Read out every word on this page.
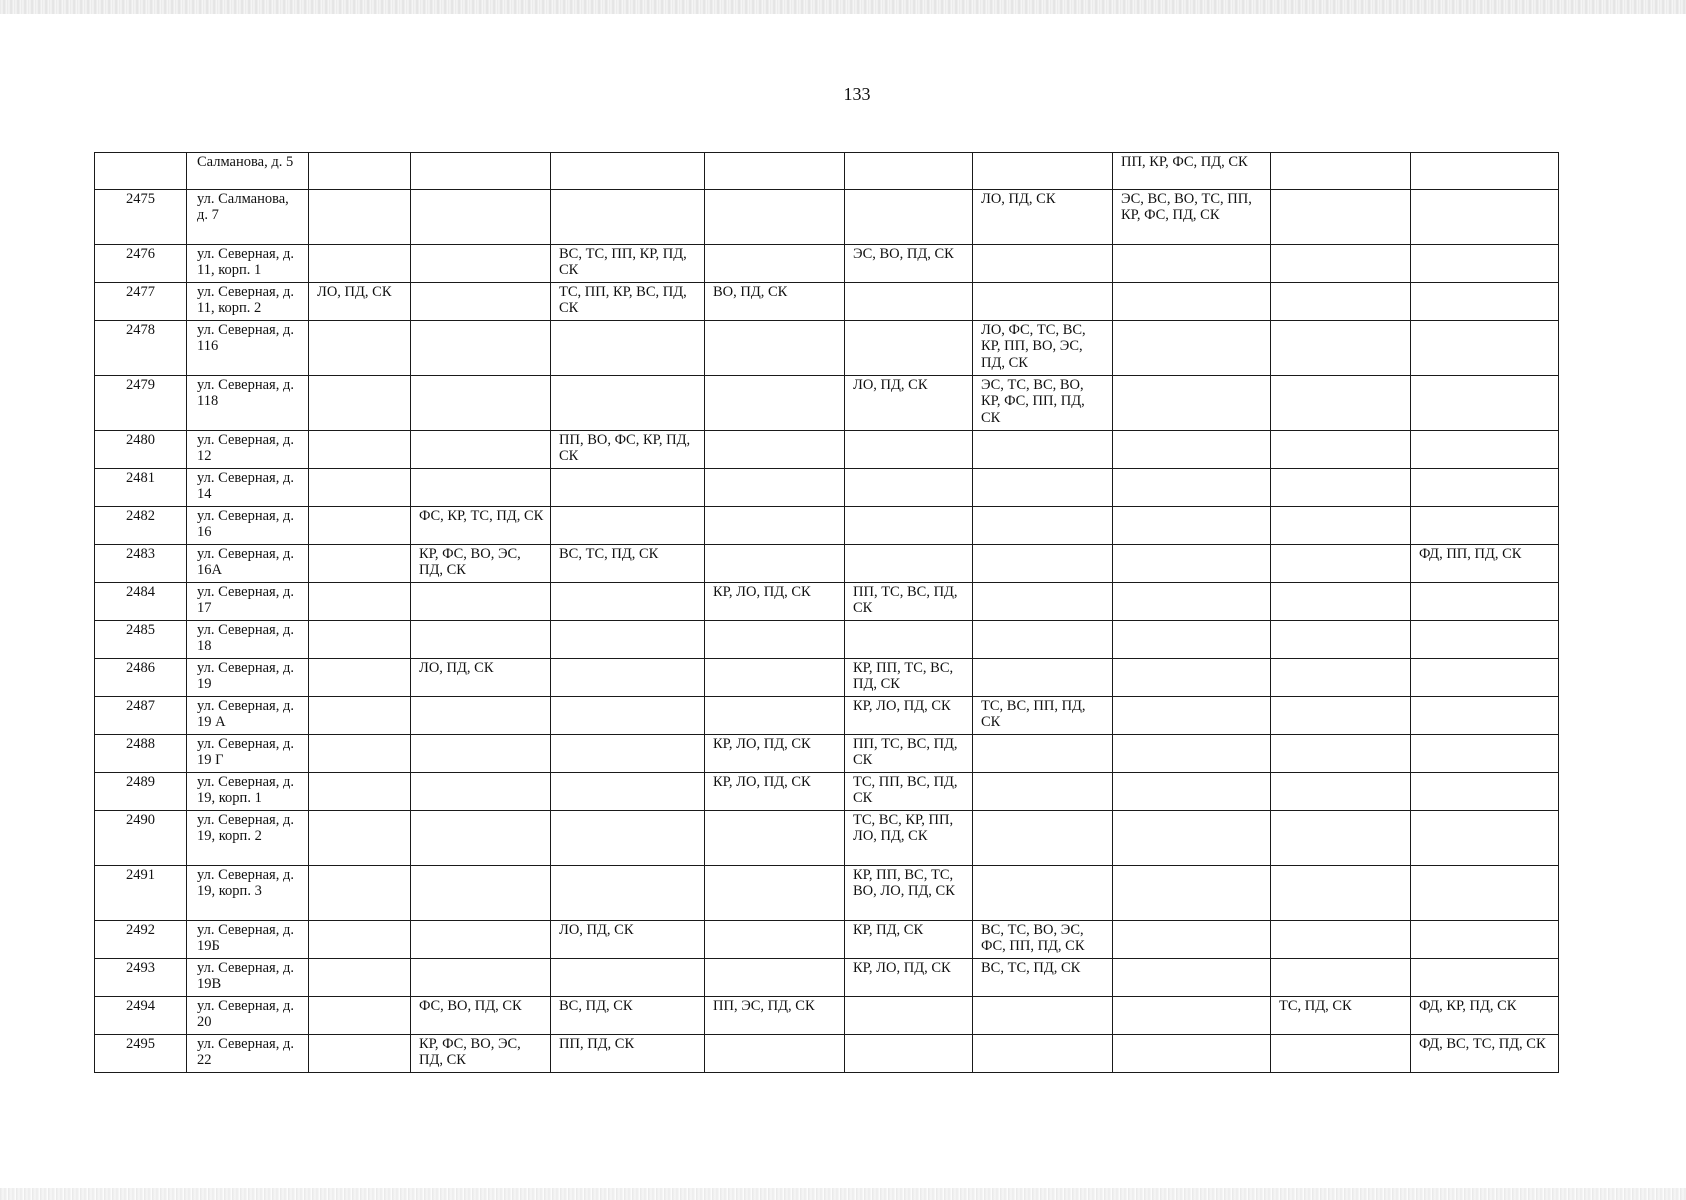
133
	Салманова, д. 5							ПП, КР, ФС, ПД, СК		
2475	ул. Салманова, д. 7						ЛО, ПД, СК	ЭС, ВС, ВО, ТС, ПП, КР, ФС, ПД, СК		
2476	ул. Северная, д. 11, корп. 1			ВС, ТС, ПП, КР, ПД, СК		ЭС, ВО, ПД, СК				
2477	ул. Северная, д. 11, корп. 2	ЛО, ПД, СК		ТС, ПП, КР, ВС, ПД, СК	ВО, ПД, СК					
2478	ул. Северная, д. 116						ЛО, ФС, ТС, ВС, КР, ПП, ВО, ЭС, ПД, СК			
2479	ул. Северная, д. 118					ЛО, ПД, СК	ЭС, ТС, ВС, ВО, КР, ФС, ПП, ПД, СК			
2480	ул. Северная, д. 12			ПП, ВО, ФС, КР, ПД, СК						
2481	ул. Северная, д. 14									
2482	ул. Северная, д. 16		ФС, КР, ТС, ПД, СК							
2483	ул. Северная, д. 16А		КР, ФС, ВО, ЭС, ПД, СК	ВС, ТС, ПД, СК						ФД, ПП, ПД, СК
2484	ул. Северная, д. 17				КР, ЛО, ПД, СК	ПП, ТС, ВС, ПД, СК				
2485	ул. Северная, д. 18									
2486	ул. Северная, д. 19		ЛО, ПД, СК			КР, ПП, ТС, ВС, ПД, СК				
2487	ул. Северная, д. 19 А					КР, ЛО, ПД, СК	ТС, ВС, ПП, ПД, СК			
2488	ул. Северная, д. 19 Г				КР, ЛО, ПД, СК	ПП, ТС, ВС, ПД, СК				
2489	ул. Северная, д. 19, корп. 1				КР, ЛО, ПД, СК	ТС, ПП, ВС, ПД, СК				
2490	ул. Северная, д. 19, корп. 2					ТС, ВС, КР, ПП, ЛО, ПД, СК				
2491	ул. Северная, д. 19, корп. 3					КР, ПП, ВС, ТС, ВО, ЛО, ПД, СК				
2492	ул. Северная, д. 19Б			ЛО, ПД, СК		КР, ПД, СК	ВС, ТС, ВО, ЭС, ФС, ПП, ПД, СК			
2493	ул. Северная, д. 19В					КР, ЛО, ПД, СК	ВС, ТС, ПД, СК			
2494	ул. Северная, д. 20		ФС, ВО, ПД, СК	ВС, ПД, СК	ПП, ЭС, ПД, СК				ТС, ПД, СК	ФД, КР, ПД, СК
2495	ул. Северная, д. 22		КР, ФС, ВО, ЭС, ПД, СК	ПП, ПД, СК						ФД, ВС, ТС, ПД, СК
